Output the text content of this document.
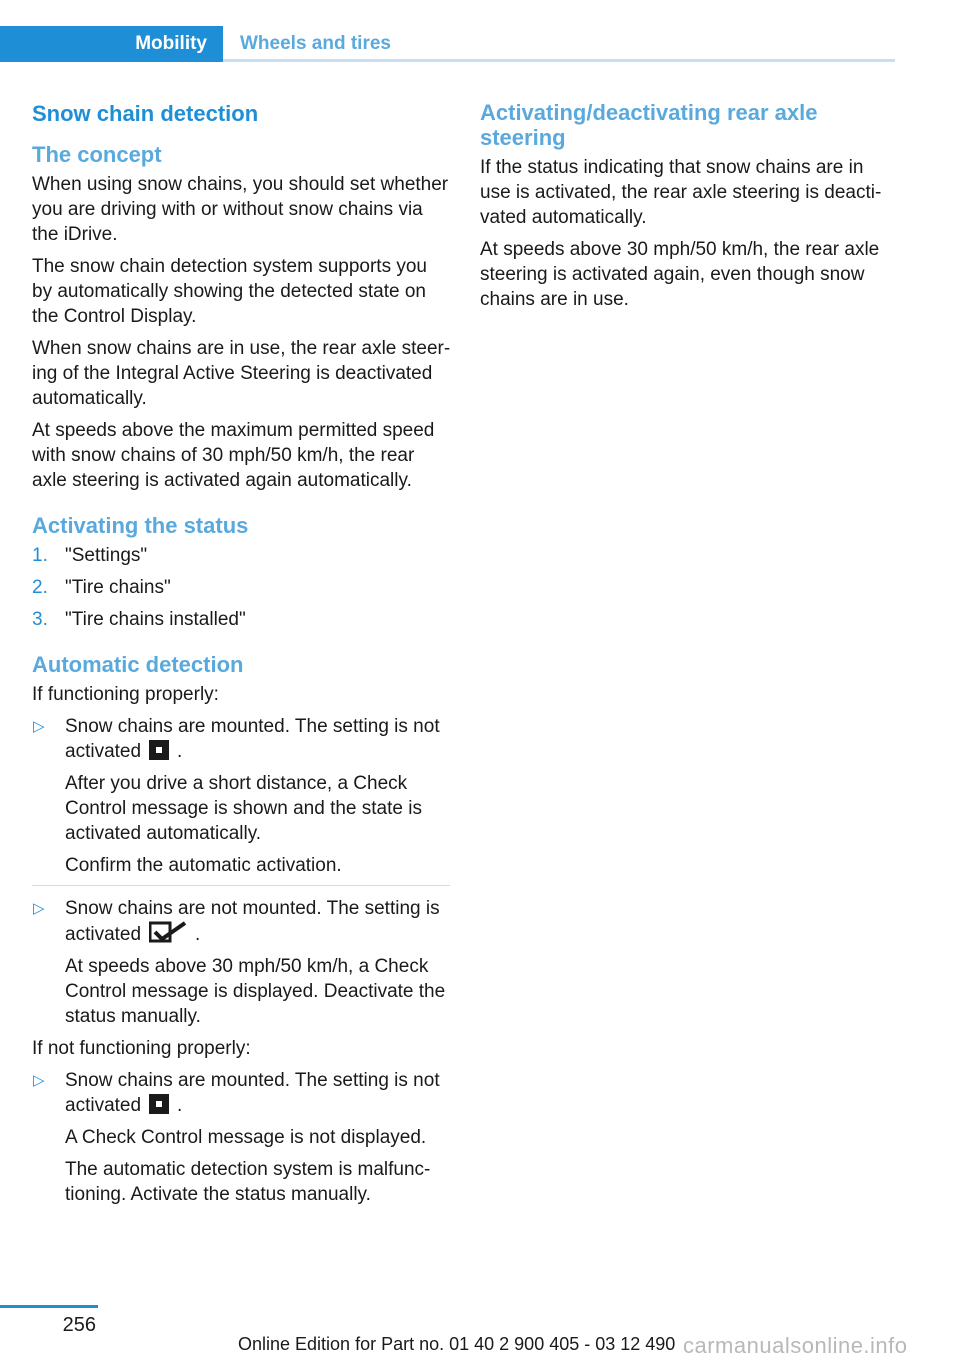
Mobility	Wheels and tires
Snow chain detection
The concept

When using snow chains, you should set whether you are driving with or without snow chains via the iDrive.

The snow chain detection system supports you by automatically showing the detected state on the Control Display.

When snow chains are in use, the rear axle steer‐ing of the Integral Active Steering is deactivated automatically.

At speeds above the maximum permitted speed with snow chains of 30 mph/50 km/h, the rear axle steering is activated again automatically.

Activating the status
1. "Settings"
2. "Tire chains"
3. "Tire chains installed"
Automatic detection

If functioning properly:

▷ Snow chains are mounted. The setting is not activated .

After you drive a short distance, a Check Control message is shown and the state is activated automatically.

Confirm the automatic activation.

▷ Snow chains are not mounted. The setting is activated	.

At speeds above 30 mph/50 km/h, a Check Control message is displayed. Deactivate the status manually.

If not functioning properly:

▷ Snow chains are mounted. The setting is not activated .

A Check Control message is not displayed.

The automatic detection system is malfunc‐tioning. Activate the status manually.

Activating/deactivating rear axle steering

If the status indicating that snow chains are in use is activated, the rear axle steering is deacti‐vated automatically.

At speeds above 30 mph/50 km/h, the rear axle steering is activated again, even though snow chains are in use.

256
Online Edition for Part no. 01 40 2 900 405 - 03 12 490 carmanualsonline.info
